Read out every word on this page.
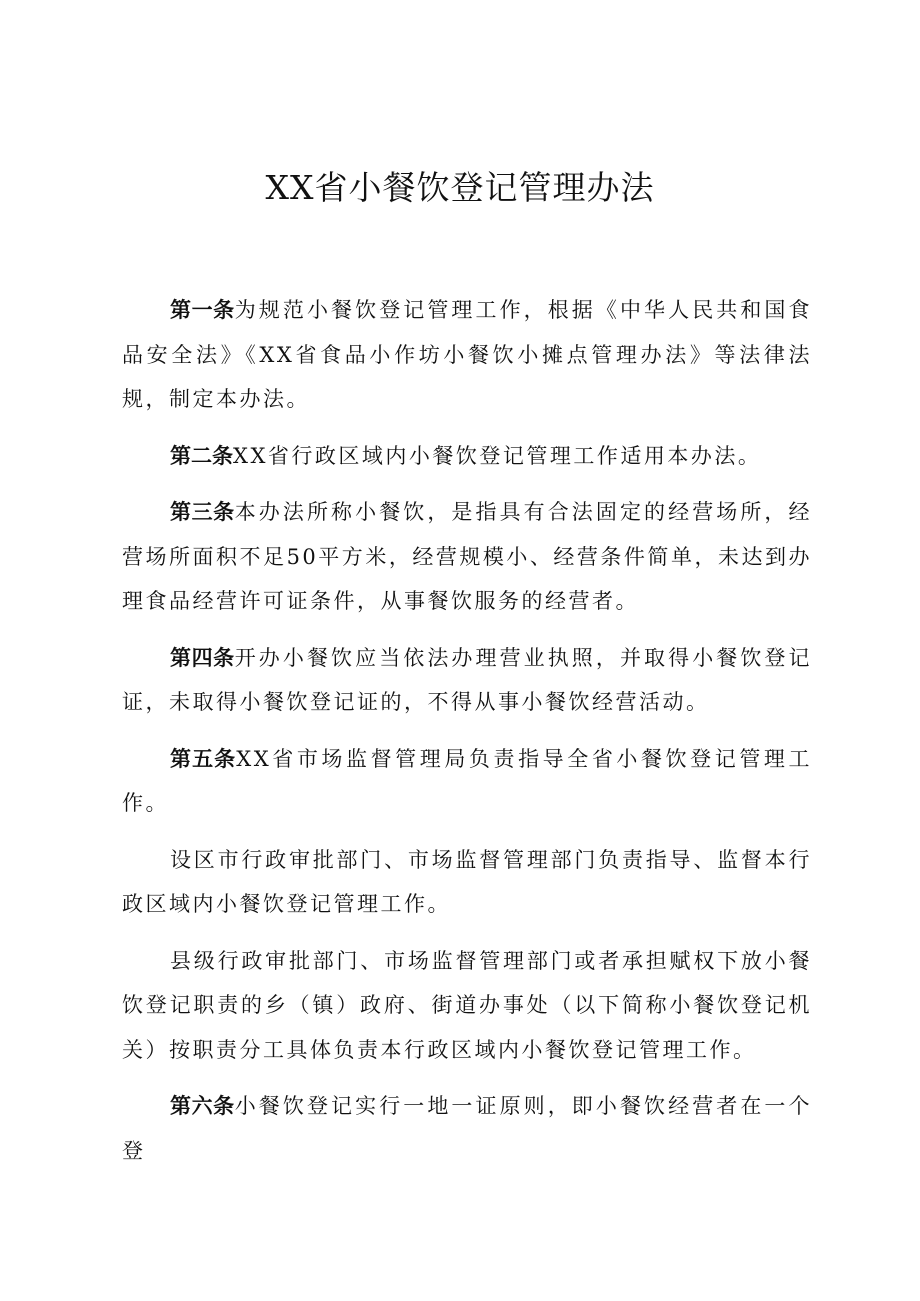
XX省小餐饮登记管理办法

第一条为规范小餐饮登记管理工作，根据《中华人民共和国食品安全法》《XX省食品小作坊小餐饮小摊点管理办法》等法律法规，制定本办法。

第二条XX省行政区域内小餐饮登记管理工作适用本办法。

第三条本办法所称小餐饮，是指具有合法固定的经营场所，经营场所面积不足50平方米，经营规模小、经营条件简单，未达到办理食品经营许可证条件，从事餐饮服务的经营者。

第四条开办小餐饮应当依法办理营业执照，并取得小餐饮登记证，未取得小餐饮登记证的，不得从事小餐饮经营活动。

第五条XX省市场监督管理局负责指导全省小餐饮登记管理工作。

设区市行政审批部门、市场监督管理部门负责指导、监督本行政区域内小餐饮登记管理工作。

县级行政审批部门、市场监督管理部门或者承担赋权下放小餐饮登记职责的乡（镇）政府、街道办事处（以下简称小餐饮登记机关）按职责分工具体负责本行政区域内小餐饮登记管理工作。

第六条小餐饮登记实行一地一证原则，即小餐饮经营者在一个登
